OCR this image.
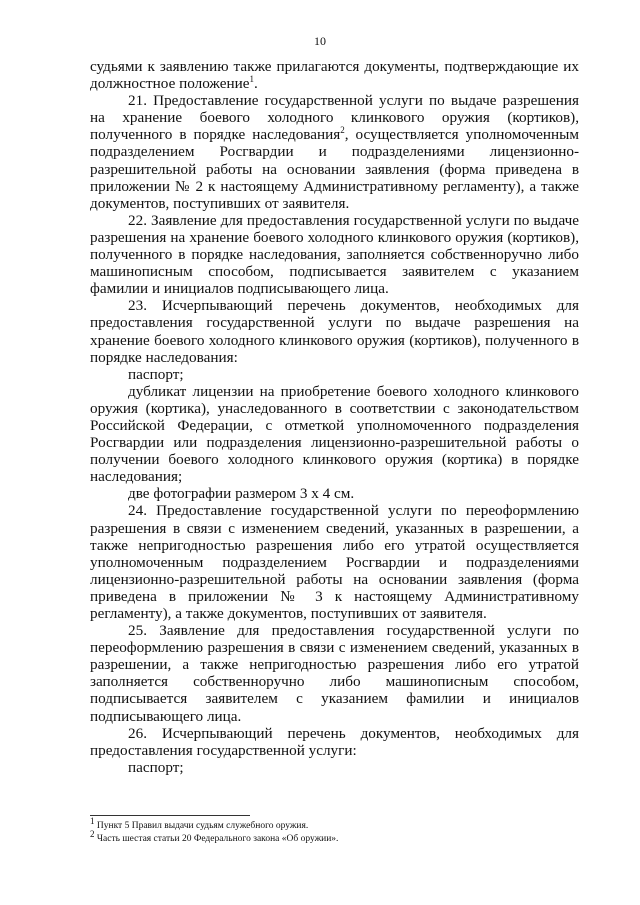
10

судьями к заявлению также прилагаются документы, подтверждающие их должностное положение$^1$.

21. Предоставление государственной услуги по выдаче разрешения на хранение боевого холодного клинкового оружия (кортиков), полученного в порядке наследования$^2$, осуществляется уполномоченным подразделением Росгвардии и подразделениями лицензионно-разрешительной работы на основании заявления (форма приведена в приложении № 2 к настоящему Административному регламенту), а также документов, поступивших от заявителя.

22. Заявление для предоставления государственной услуги по выдаче разрешения на хранение боевого холодного клинкового оружия (кортиков), полученного в порядке наследования, заполняется собственноручно либо машинописным способом, подписывается заявителем с указанием фамилии и инициалов подписывающего лица.

23. Исчерпывающий перечень документов, необходимых для предоставления государственной услуги по выдаче разрешения на хранение боевого холодного клинкового оружия (кортиков), полученного в порядке наследования:

паспорт;

дубликат лицензии на приобретение боевого холодного клинкового оружия (кортика), унаследованного в соответствии с законодательством Российской Федерации, с отметкой уполномоченного подразделения Росгвардии или подразделения лицензионно-разрешительной работы о получении боевого холодного клинкового оружия (кортика) в порядке наследования;

две фотографии размером 3 х 4 см.

24. Предоставление государственной услуги по переоформлению разрешения в связи с изменением сведений, указанных в разрешении, а также непригодностью разрешения либо его утратой осуществляется уполномоченным подразделением Росгвардии и подразделениями лицензионно-разрешительной работы на основании заявления (форма приведена в приложении № 3 к настоящему Административному регламенту), а также документов, поступивших от заявителя.

25. Заявление для предоставления государственной услуги по переоформлению разрешения в связи с изменением сведений, указанных в разрешении, а также непригодностью разрешения либо его утратой заполняется собственноручно либо машинописным способом, подписывается заявителем с указанием фамилии и инициалов подписывающего лица.

26. Исчерпывающий перечень документов, необходимых для предоставления государственной услуги:

паспорт;

$^1$ Пункт 5 Правил выдачи судьям служебного оружия.
$^2$ Часть шестая статьи 20 Федерального закона «Об оружии».
